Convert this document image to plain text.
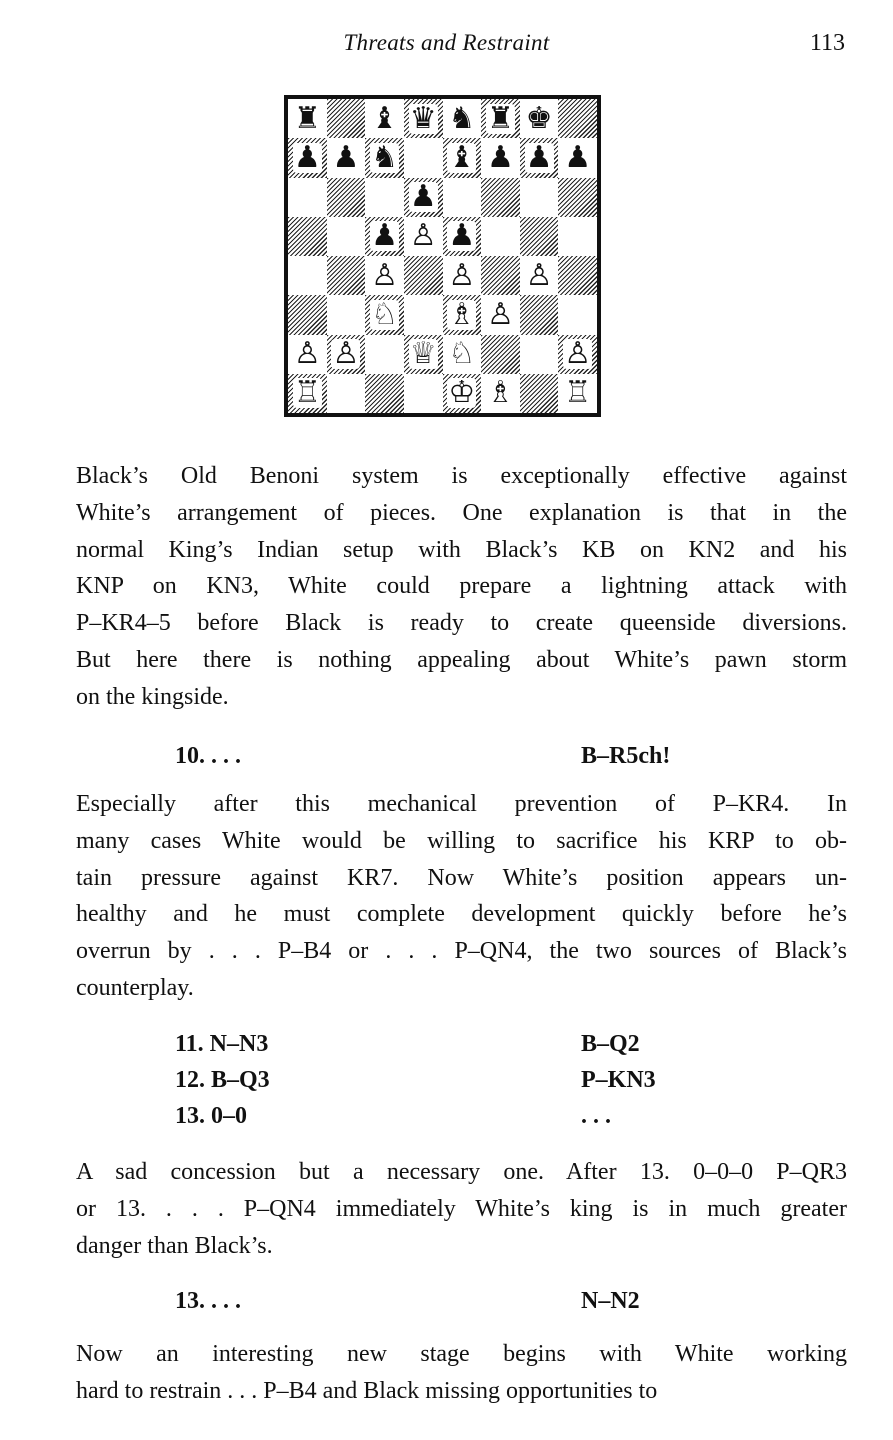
Threats and Restraint	113
♜ ♝ ♛ ♞ ♜ ♚
♟ ♟ ♞ ♝ ♟ ♟ ♟
♟
♟ ♙ ♟
♙ ♙ ♙
♘ ♗ ♙
♙ ♙ ♕ ♘	♙
♖	♔ ♗ ♖
Black’s Old Benoni system is exceptionally effective against
White’s arrangement of pieces. One explanation is that in the
normal King’s Indian setup with Black’s KB on KN2 and his
KNP on KN3, White could prepare a lightning attack with
P–KR4–5 before Black is ready to create queenside diversions.
But here there is nothing appealing about White’s pawn storm
on the kingside.
10. . . .	B–R5ch!
Especially after this mechanical prevention of P–KR4. In
many cases White would be willing to sacrifice his KRP to ob-
tain pressure against KR7. Now White’s position appears un-
healthy and he must complete development quickly before he’s
overrun by . . . P–B4 or . . . P–QN4, the two sources of Black’s
counterplay.
11. N–N3	B–Q2
12. B–Q3	P–KN3
13. 0–0	. . .
A sad concession but a necessary one. After 13. 0–0–0 P–QR3
or 13. . . . P–QN4 immediately White’s king is in much greater
danger than Black’s.
13. . . .	N–N2
Now an interesting new stage begins with White working
hard to restrain . . . P–B4 and Black missing opportunities to
